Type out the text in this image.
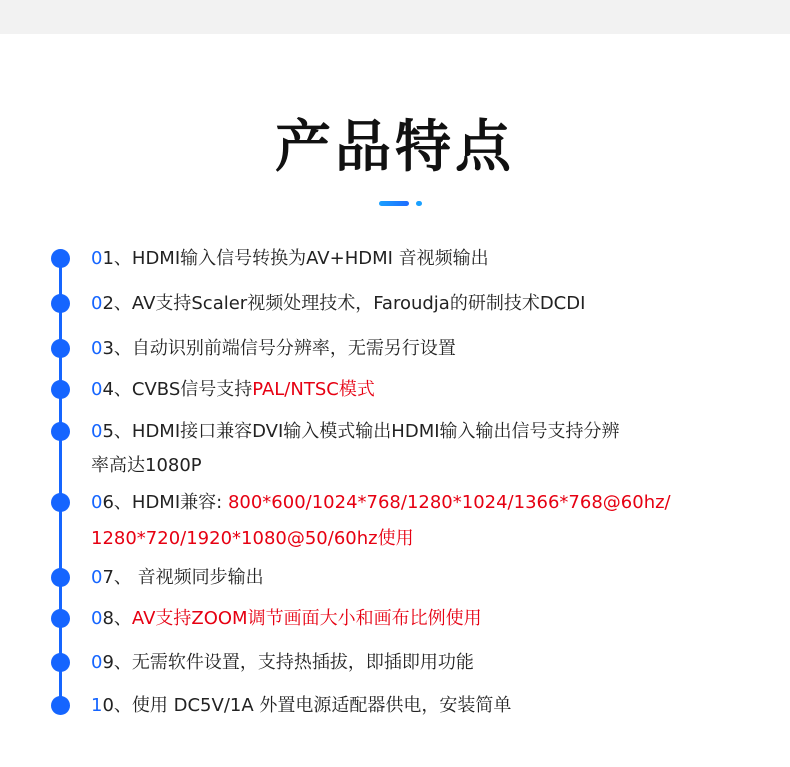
产品特点
01、HDMI输入信号转换为AV+HDMI 音视频输出
02、AV支持Scaler视频处理技术，Faroudja的研制技术DCDI
03、自动识别前端信号分辨率，无需另行设置
04、CVBS信号支持PAL/NTSC模式
05、HDMI接口兼容DVI输入模式输出HDMI输入输出信号支持分辨
率高达1080P
06、HDMI兼容: 800*600/1024*768/1280*1024/1366*768@60hz/
1280*720/1920*1080@50/60hz使用
07、 音视频同步输出
08、AV支持ZOOM调节画面大小和画布比例使用
09、无需软件设置，支持热插拔，即插即用功能
10、使用 DC5V/1A 外置电源适配器供电，安装简单
